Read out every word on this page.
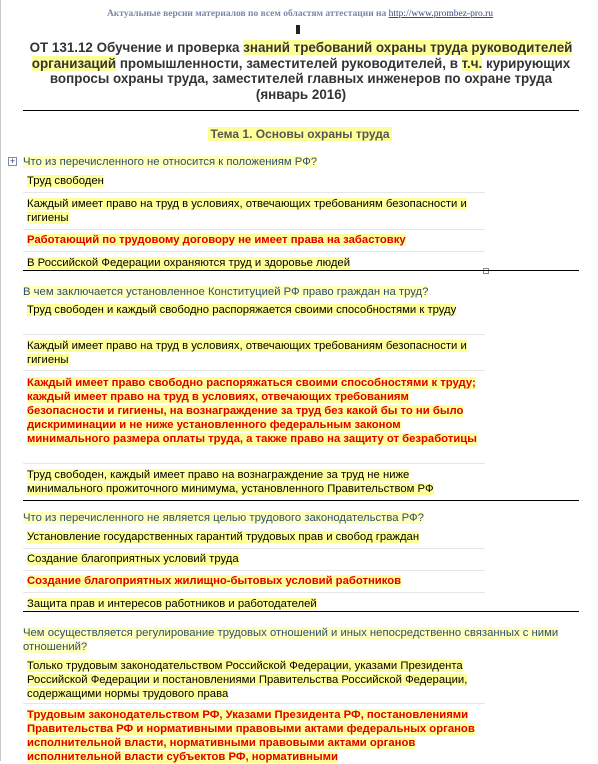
Актуальные версии материалов по всем областям аттестации на http://www.prombez-pro.ru
ОТ 131.12 Обучение и проверка знаний требований охраны труда руководителей организаций промышленности, заместителей руководителей, в т.ч. курирующих вопросы охраны труда, заместителей главных инженеров по охране труда (январь 2016)
Тема 1. Основы охраны труда
+ Что из перечисленного не относится к положениям РФ?
Труд свободен
Каждый имеет право на труд в условиях, отвечающих требованиям безопасности и гигиены
Работающий по трудовому договору не имеет права на забастовку
В Российской Федерации охраняются труд и здоровье людей
В чем заключается установленное Конституцией РФ право граждан на труд?
Труд свободен и каждый свободно распоряжается своими способностями к труду
Каждый имеет право на труд в условиях, отвечающих требованиям безопасности и гигиены
Каждый имеет право свободно распоряжаться своими способностями к труду; каждый имеет право на труд в условиях, отвечающих требованиям безопасности и гигиены, на вознаграждение за труд без какой бы то ни было дискриминации и не ниже установленного федеральным законом минимального размера оплаты труда, а также право на защиту от безработицы
Труд свободен, каждый имеет право на вознаграждение за труд не ниже минимального прожиточного минимума, установленного Правительством РФ
Что из перечисленного не является целью трудового законодательства РФ?
Установление государственных гарантий трудовых прав и свобод граждан
Создание благоприятных условий труда
Создание благоприятных жилищно-бытовых условий работников
Защита прав и интересов работников и работодателей
Чем осуществляется регулирование трудовых отношений и иных непосредственно связанных с ними отношений?
Только трудовым законодательством Российской Федерации, указами Президента Российской Федерации и постановлениями Правительства Российской Федерации, содержащими нормы трудового права
Трудовым законодательством РФ, Указами Президента РФ, постановлениями Правительства РФ и нормативными правовыми актами федеральных органов исполнительной власти, нормативными правовыми актами органов исполнительной власти субъектов РФ, нормативными
